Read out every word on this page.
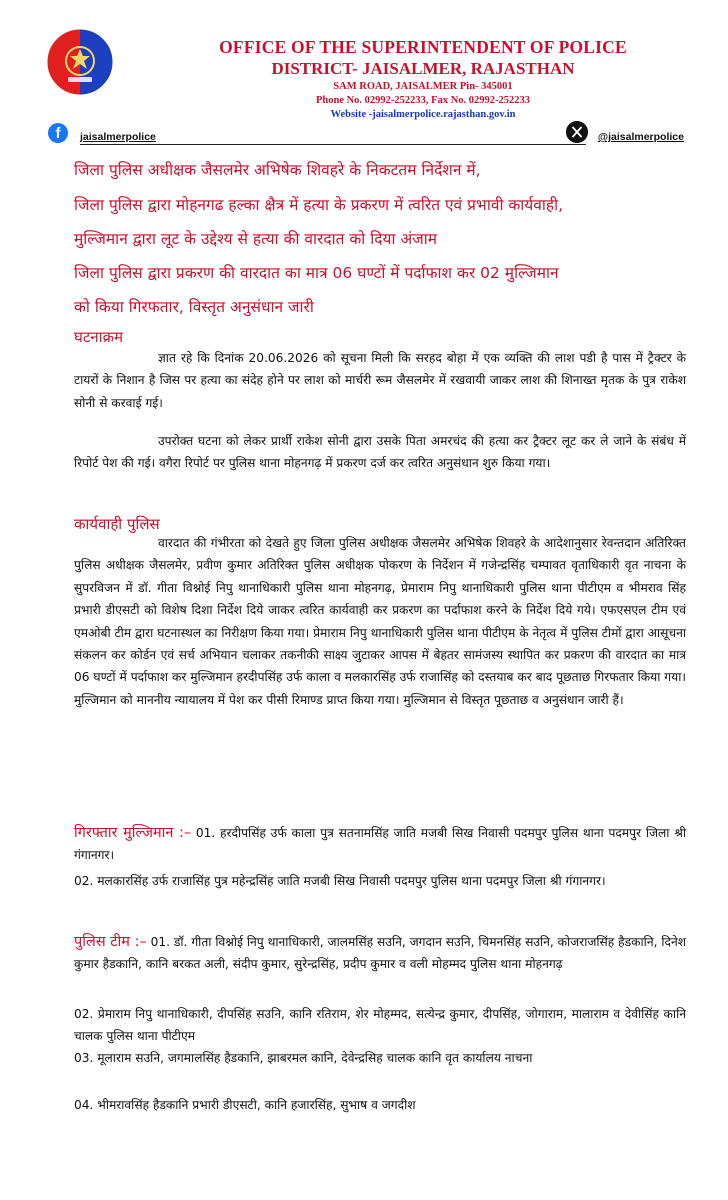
OFFICE OF THE SUPERINTENDENT OF POLICE
DISTRICT- JAISALMER, RAJASTHAN
SAM ROAD, JAISALMER Pin- 345001
Phone No. 02992-252233, Fax No. 02992-252233
Website -jaisalmerpolice.rajasthan.gov.in
f	jaisalmerpolice	@jaisalmerpolice
जिला पुलिस अधीक्षक जैसलमेर अभिषेक शिवहरे के निकटतम निर्देशन में,
जिला पुलिस द्वारा मोहनगढ हल्का क्षैत्र में हत्या के प्रकरण में त्वरित एवं प्रभावी कार्यवाही,
मुल्जिमान द्वारा लूट के उद्देश्य से हत्या की वारदात को दिया अंजाम
जिला पुलिस द्वारा प्रकरण की वारदात का मात्र 06 घण्टों में पर्दाफाश कर 02 मुल्जिमान
को किया गिरफतार, विस्तृत अनुसंधान जारी
घटनाक्रम
ज्ञात रहे कि दिनांक 20.06.2026 को सूचना मिली कि सरहद बोहा में एक व्यक्ति की लाश पडी है पास में ट्रैक्टर के टायरों के निशान है जिस पर हत्या का संदेह होने पर लाश को मार्चरी रूम जैसलमेर में रखवायी जाकर लाश की शिनाख्त मृतक के पुत्र राकेश सोनी से करवाई गई।
उपरोक्त घटना को लेकर प्रार्थी राकेश सोनी द्वारा उसके पिता अमरचंद की हत्या कर ट्रैक्टर लूट कर ले जाने के संबंध में रिपोर्ट पेश की गई। वगैरा रिपोर्ट पर पुलिस थाना मोहनगढ़ में प्रकरण दर्ज कर त्वरित अनुसंधान शुरु किया गया।
कार्यवाही पुलिस
वारदात की गंभीरता को देखते हुए जिला पुलिस अधीक्षक जैसलमेर अभिषेक शिवहरे के आदेशानुसार रेवन्तदान अतिरिक्त पुलिस अधीक्षक जैसलमेर, प्रवीण कुमार अतिरिक्त पुलिस अधीक्षक पोकरण के निर्देशन में गजेन्द्रसिंह चम्पावत वृताधिकारी वृत नाचना के सुपरविजन में डॉ. गीता विश्नोई निपु थानाधिकारी पुलिस थाना मोहनगढ़, प्रेमाराम निपु थानाधिकारी पुलिस थाना पीटीएम व भीमराव सिंह प्रभारी डीएसटी को विशेष दिशा निर्देश दिये जाकर त्वरित कार्यवाही कर प्रकरण का पर्दाफाश करने के निर्देश दिये गये। एफएसएल टीम एवं एमओबी टीम द्वारा घटनास्थल का निरीक्षण किया गया। प्रेमाराम निपु थानाधिकारी पुलिस थाना पीटीएम के नेतृत्व में पुलिस टीमों द्वारा आसूचना संकलन कर कोर्डन एवं सर्च अभियान चलाकर तकनीकी साक्ष्य जुटाकर आपस में बेहतर सामंजस्य स्थापित कर प्रकरण की वारदात का मात्र 06 घण्टों में पर्दाफाश कर मुल्जिमान हरदीपसिंह उर्फ काला व मलकारसिंह उर्फ राजासिंह को दस्तयाब कर बाद पूछताछ गिरफतार किया गया। मुल्जिमान को माननीय न्यायालय में पेश कर पीसी रिमाण्ड प्राप्त किया गया। मुल्जिमान से विस्तृत पूछताछ व अनुसंधान जारी हैं।
गिरफ्तार मुल्जिमान :– 01. हरदीपसिंह उर्फ काला पुत्र सतनामसिंह जाति मजबी सिख निवासी पदमपुर पुलिस थाना पदमपुर जिला श्री गंगानगर।
02. मलकारसिंह उर्फ राजासिंह पुत्र महेन्द्रसिंह जाति मजबी सिख निवासी पदमपुर पुलिस थाना पदमपुर जिला श्री गंगानगर।
पुलिस टीम :– 01. डॉ. गीता विश्नोई निपु थानाधिकारी, जालमसिंह सउनि, जगदान सउनि, चिमनसिंह सउनि, कोजराजसिंह हैडकानि, दिनेश कुमार हैडकानि, कानि बरकत अली, संदीप कुमार, सुरेन्द्रसिंह, प्रदीप कुमार व वली मोहम्मद पुलिस थाना मोहनगढ़
02. प्रेमाराम निपु थानाधिकारी, दीपसिंह सउनि, कानि रतिराम, शेर मोहम्मद, सत्येन्द्र कुमार, दीपसिंह, जोगाराम, मालाराम व देवीसिंह कानि चालक पुलिस थाना पीटीएम
03. मूलाराम सउनि, जगमालसिंह हैडकानि, झाबरमल कानि, देवेन्द्रसिह चालक कानि वृत कार्यालय नाचना
04. भीमरावसिंह हैडकानि प्रभारी डीएसटी, कानि हजारसिंह, सुभाष व जगदीश
